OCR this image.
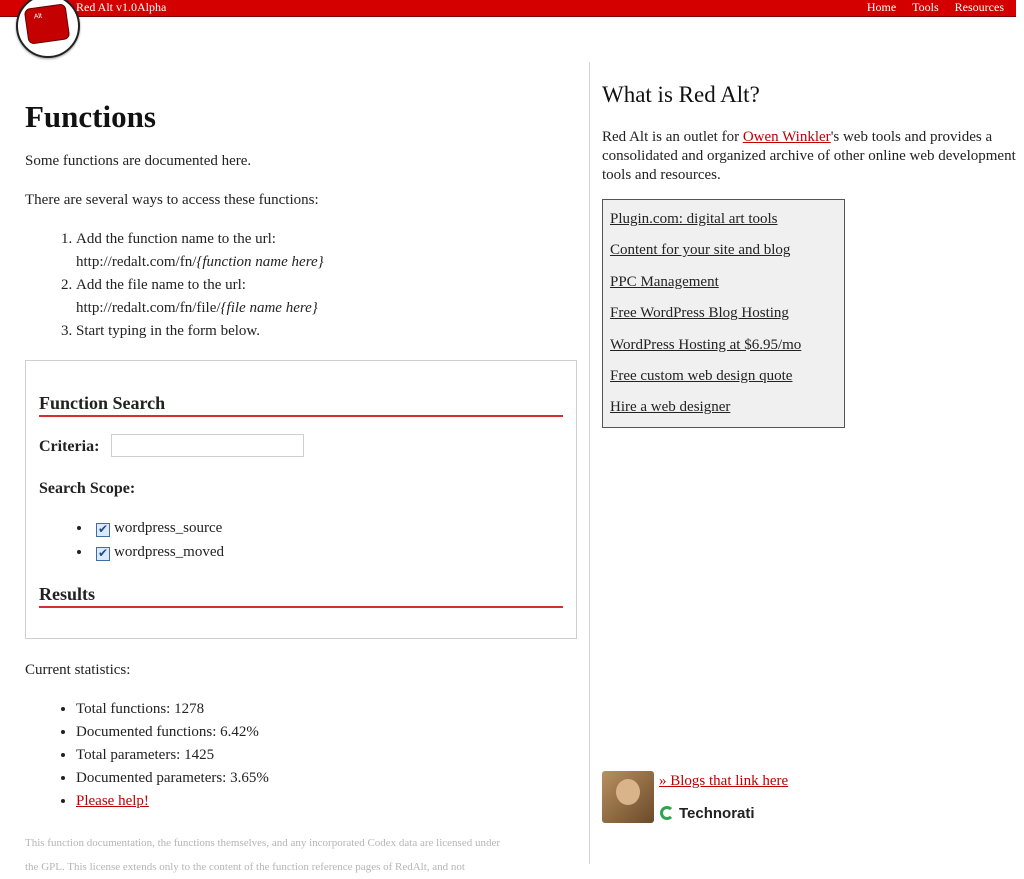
Red Alt v1.0Alpha	Home Tools Resources
Alt
Functions

Some functions are documented here.

There are several ways to access these functions:

1. Add the function name to the url:
http://redalt.com/fn/{function name here}
2. Add the file name to the url:
http://redalt.com/fn/file/{file name here}
3. Start typing in the form below.
Function Search
Criteria:
Search Scope:
• ✔ wordpress_source
• ✔ wordpress_moved
Results

Current statistics:

• Total functions: 1278
• Documented functions: 6.42%
• Total parameters: 1425
• Documented parameters: 3.65%
• Please help!
This function documentation, the functions themselves, and any incorporated Codex data are licensed under
the GPL. This license extends only to the content of the function reference pages of RedAlt, and not
What is Red Alt?

Red Alt is an outlet for Owen Winkler's web tools and provides a consolidated and organized archive of other online web development tools and resources.

Plugin.com: digital art tools
Content for your site and blog
PPC Management
Free WordPress Blog Hosting
WordPress Hosting at $6.95/mo
Free custom web design quote
Hire a web designer
» Blogs that link here
Technorati
